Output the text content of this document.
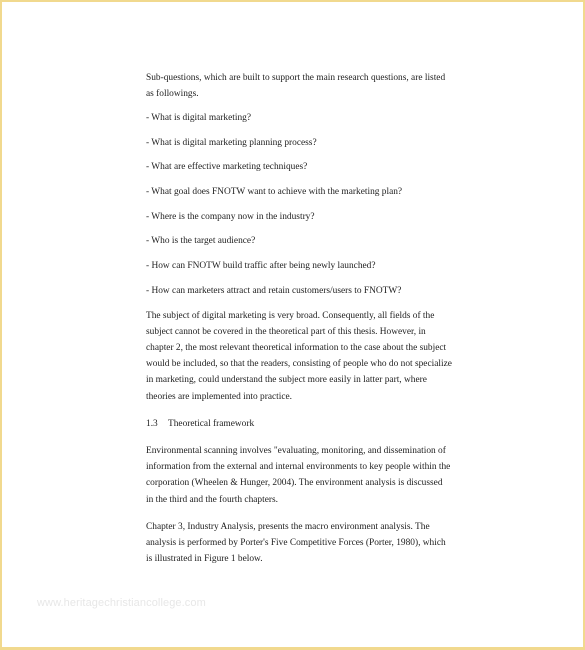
Sub-questions, which are built to support the main research questions, are listed as followings.

- What is digital marketing?

- What is digital marketing planning process?

- What are effective marketing techniques?

- What goal does FNOTW want to achieve with the marketing plan?

- Where is the company now in the industry?

- Who is the target audience?

- How can FNOTW build traffic after being newly launched?

- How can marketers attract and retain customers/users to FNOTW?

The subject of digital marketing is very broad. Consequently, all fields of the subject cannot be covered in the theoretical part of this thesis. However, in chapter 2, the most relevant theoretical information to the case about the subject would be included, so that the readers, consisting of people who do not specialize in marketing, could understand the subject more easily in latter part, where theories are implemented into practice.

1.3 Theoretical framework

Environmental scanning involves "evaluating, monitoring, and dissemination of information from the external and internal environments to key people within the corporation (Wheelen & Hunger, 2004). The environment analysis is discussed in the third and the fourth chapters.

Chapter 3, Industry Analysis, presents the macro environment analysis. The analysis is performed by Porter's Five Competitive Forces (Porter, 1980), which is illustrated in Figure 1 below.

www.heritagechristiancollege.com
